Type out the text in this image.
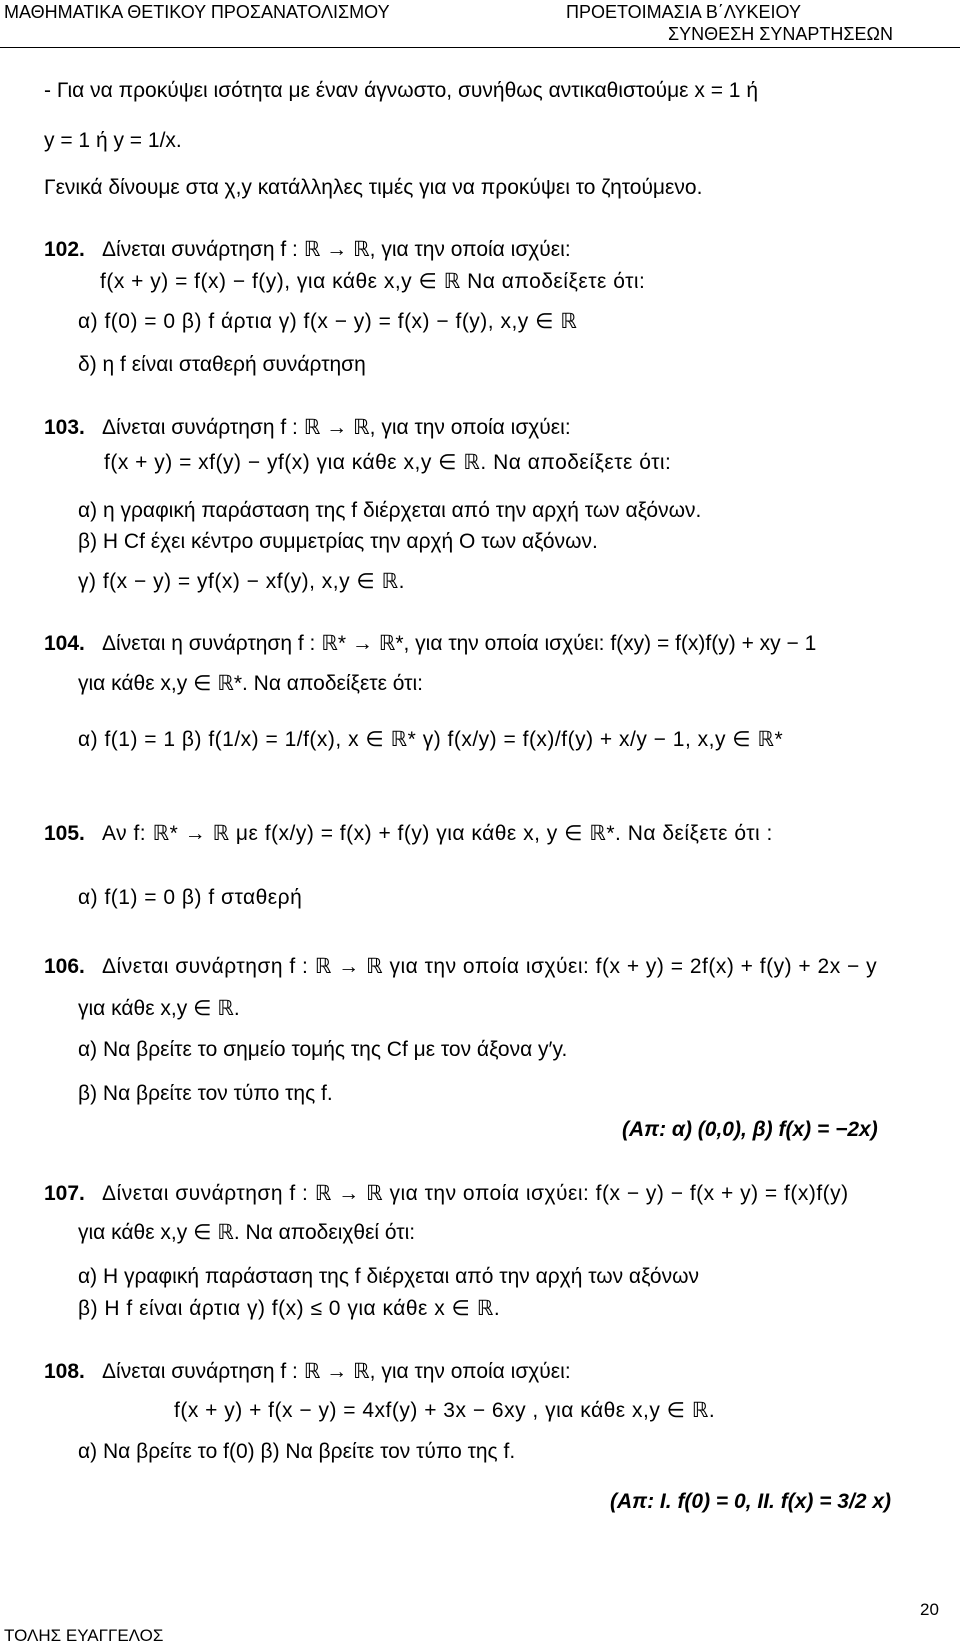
ΜΑΘΗΜΑΤΙΚΑ ΘΕΤΙΚΟΥ ΠΡΟΣΑΝΑΤΟΛΙΣΜΟΥ	ΠΡΟΕΤΟΙΜΑΣΙΑ Β΄ΛΥΚΕΙΟΥ
ΣΥΝΘΕΣΗ ΣΥΝΑΡΤΗΣΕΩΝ
- Για να προκύψει ισότητα με έναν άγνωστο, συνήθως αντικαθιστούμε x = 1 ή
y = 1 ή y = 1/x.
Γενικά δίνουμε στα χ,y κατάλληλες τιμές για να προκύψει το ζητούμενο.
102. Δίνεται συνάρτηση f : ℝ → ℝ, για την οποία ισχύει:
f(x + y) = f(x) − f(y), για κάθε x,y ∈ ℝ Να αποδείξετε ότι:
α) f(0) = 0 β) f άρτια γ) f(x − y) = f(x) − f(y), x,y ∈ ℝ
δ) η f είναι σταθερή συνάρτηση
103. Δίνεται συνάρτηση f : ℝ → ℝ, για την οποία ισχύει:
f(x + y) = xf(y) − yf(x) για κάθε x,y ∈ ℝ. Να αποδείξετε ότι:
α) η γραφική παράσταση της f διέρχεται από την αρχή των αξόνων.
β) Η Cf έχει κέντρο συμμετρίας την αρχή Ο των αξόνων.
γ) f(x − y) = yf(x) − xf(y), x,y ∈ ℝ.
104. Δίνεται η συνάρτηση f : ℝ* → ℝ*, για την οποία ισχύει: f(xy) = f(x)f(y) + xy − 1
για κάθε x,y ∈ ℝ*. Να αποδείξετε ότι:
α) f(1) = 1 β) f(1/x) = 1/f(x), x ∈ ℝ* γ) f(x/y) = f(x)/f(y) + x/y − 1, x,y ∈ ℝ*
105. Αν f: ℝ* → ℝ με f(x/y) = f(x) + f(y) για κάθε x, y ∈ ℝ*. Να δείξετε ότι :
α) f(1) = 0 β) f σταθερή
106. Δίνεται συνάρτηση f : ℝ → ℝ για την οποία ισχύει: f(x + y) = 2f(x) + f(y) + 2x − y
για κάθε x,y ∈ ℝ.
α) Να βρείτε το σημείο τομής της Cf με τον άξονα y′y.
β) Να βρείτε τον τύπο της f.
(Απ: α) (0,0), β) f(x) = −2x)
107. Δίνεται συνάρτηση f : ℝ → ℝ για την οποία ισχύει: f(x − y) − f(x + y) = f(x)f(y)
για κάθε x,y ∈ ℝ. Να αποδειχθεί ότι:
α) Η γραφική παράσταση της f διέρχεται από την αρχή των αξόνων
β) Η f είναι άρτια γ) f(x) ≤ 0 για κάθε x ∈ ℝ.
108. Δίνεται συνάρτηση f : ℝ → ℝ, για την οποία ισχύει:
f(x + y) + f(x − y) = 4xf(y) + 3x − 6xy , για κάθε x,y ∈ ℝ.
α) Να βρείτε το f(0) β) Να βρείτε τον τύπο της f.
(Απ: Ι. f(0) = 0, ΙΙ. f(x) = 3/2 x)
ΤΟΛΗΣ ΕΥΑΓΓΕΛΟΣ
20
